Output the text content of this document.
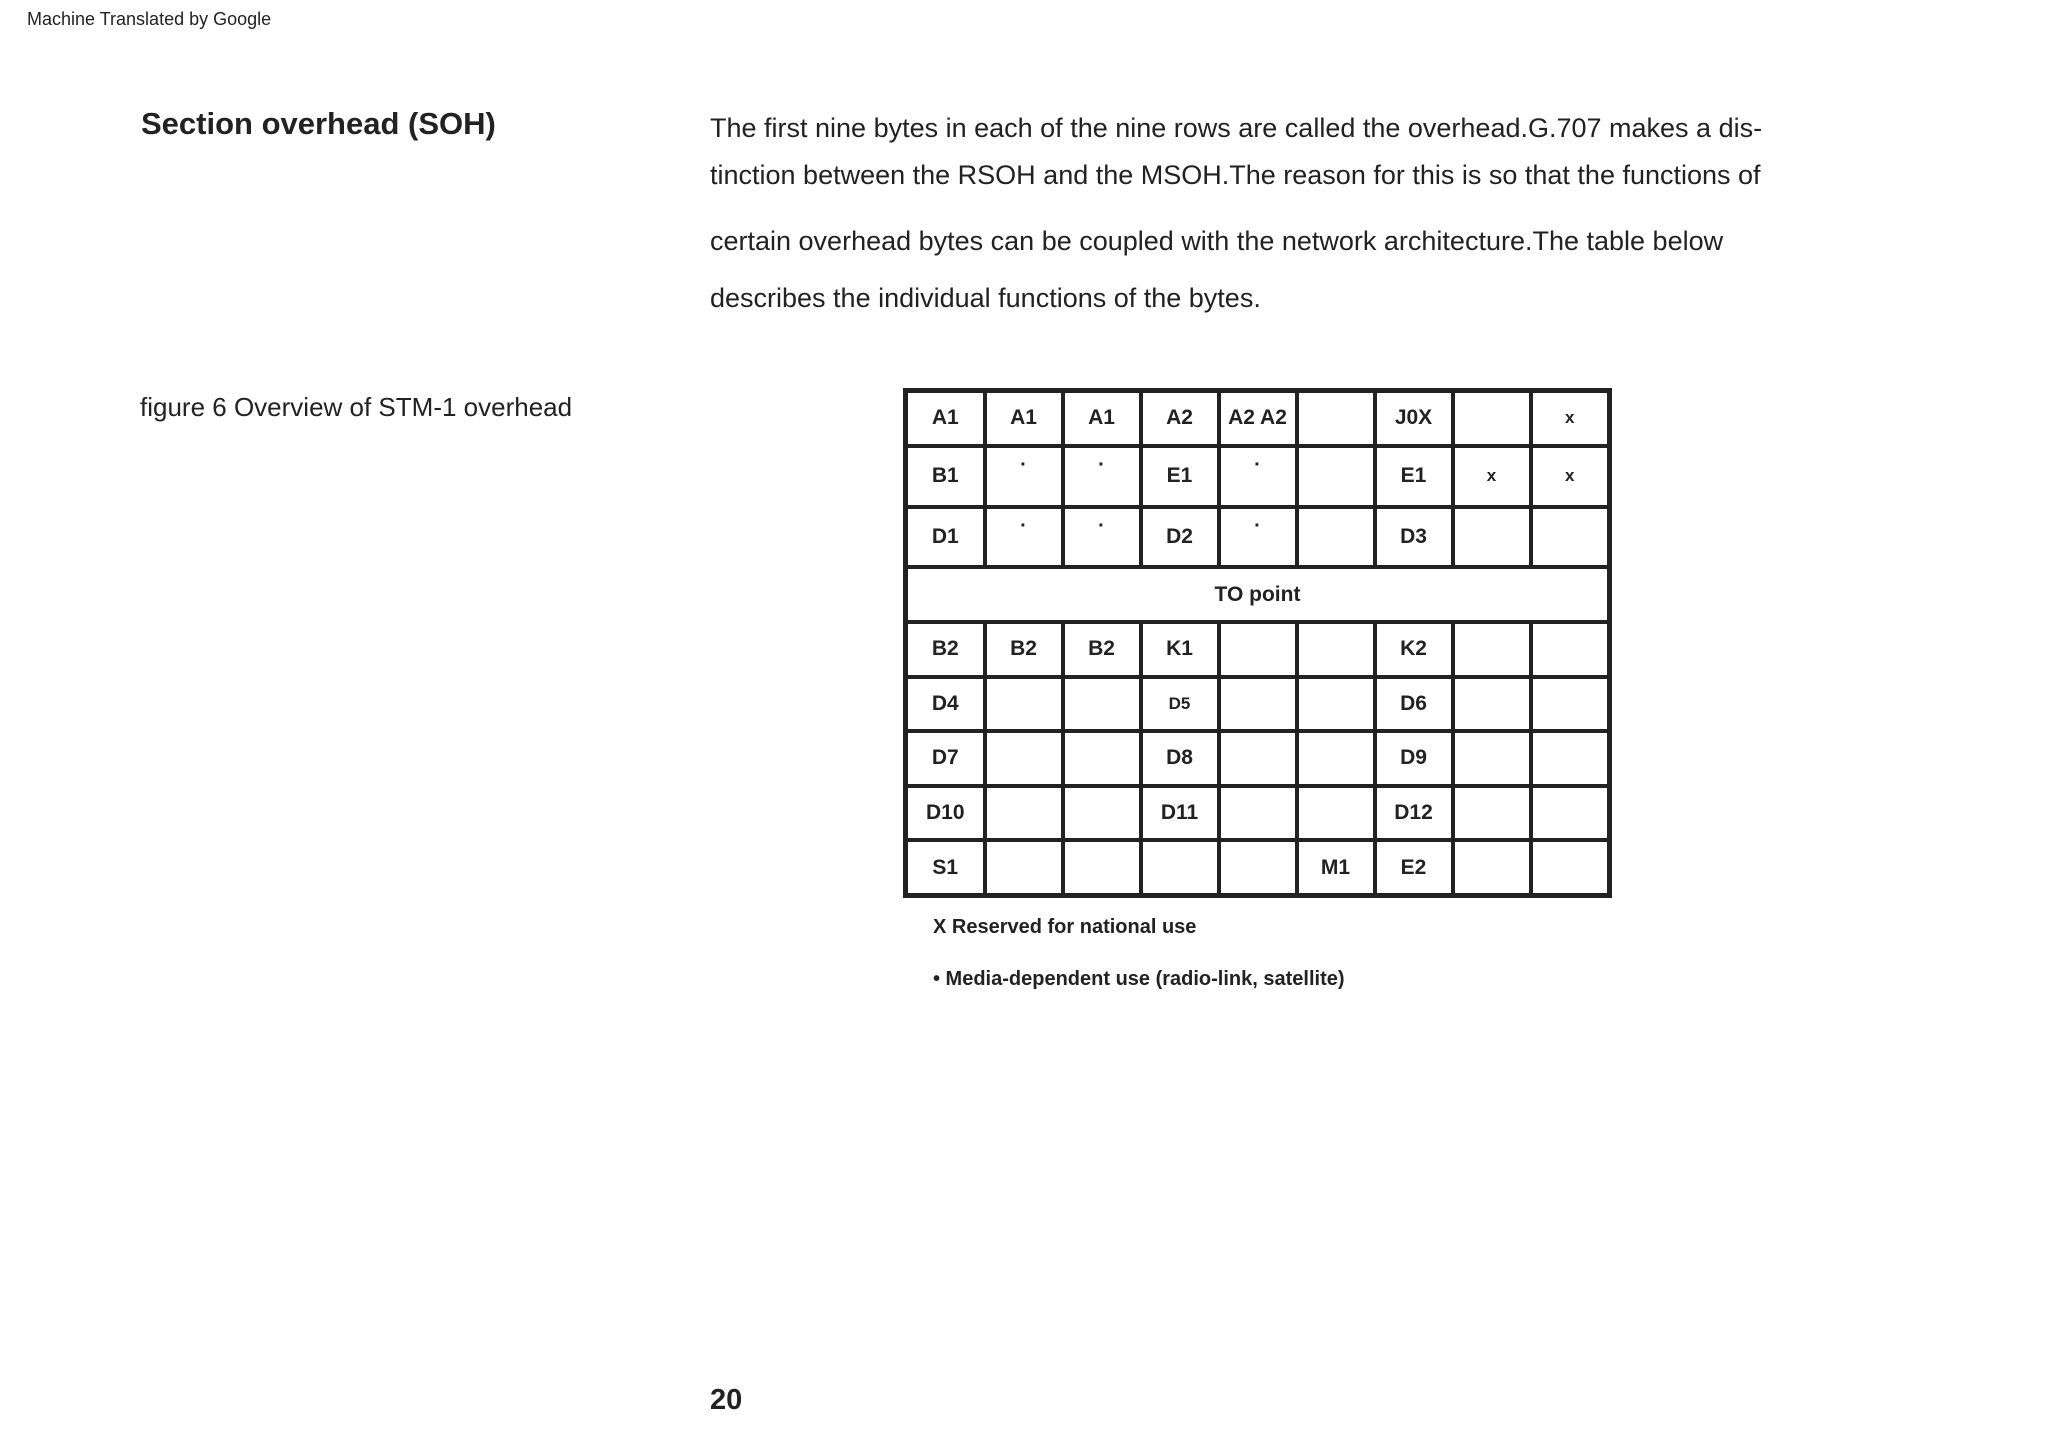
Machine Translated by Google
Section overhead (SOH)	The first nine bytes in each of the nine rows are called the overhead.G.707 makes a dis-
tinction between the RSOH and the MSOH.The reason for this is so that the functions of
certain overhead bytes can be coupled with the network architecture.The table below
describes the individual functions of the bytes.
figure 6 Overview of STM-1 overhead	A1	A1	A1	A2	A2 A2		J0X		x
B1	·	·	E1	·		E1	x	x
D1	·	·	D2	·		D3		
TO point								
B2	B2	B2	K1			K2		
D4			D5			D6		
D7			D8			D9		
D10			D11			D12		
S1					M1	E2		
X Reserved for national use
• Media-dependent use (radio-link, satellite)
20
